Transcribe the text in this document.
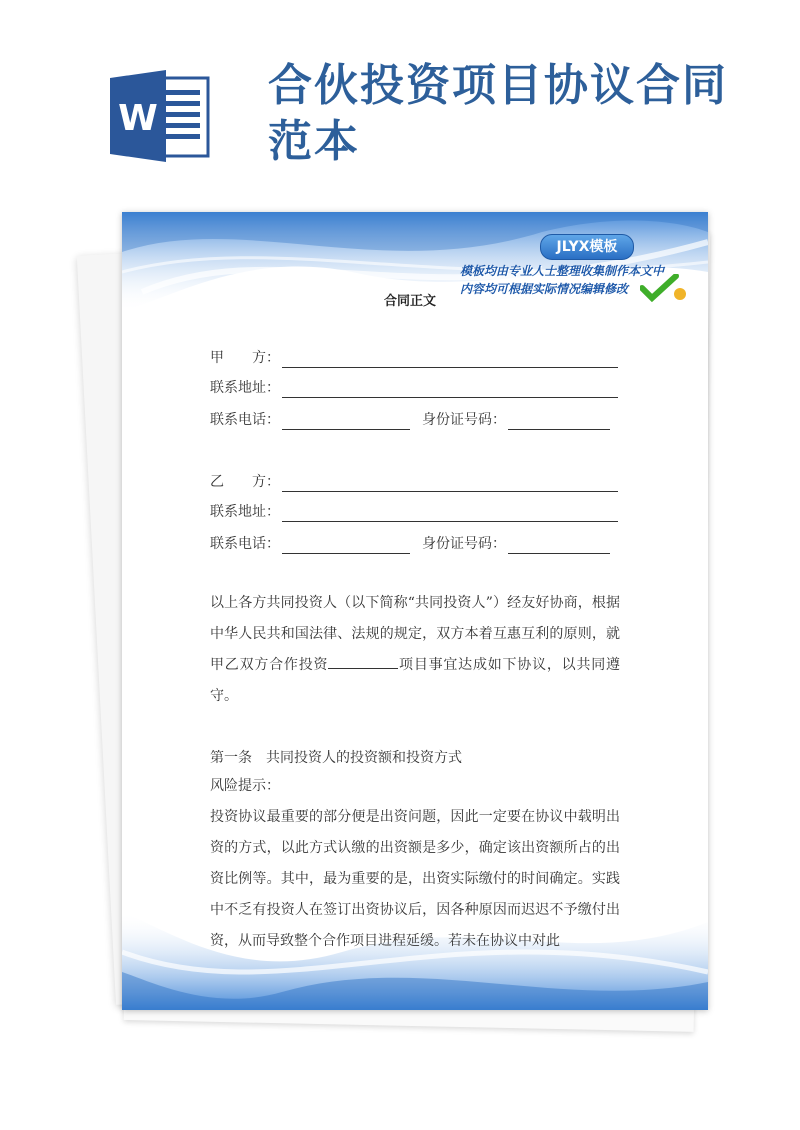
W
合伙投资项目协议合同范本
JLYX模板
模板均由专业人士整理收集制作本文中
内容均可根据实际情况编辑修改
合同正文
甲　　方：
联系地址：
联系电话：	身份证号码：
乙　　方：
联系地址：
联系电话：	身份证号码：
以上各方共同投资人（以下简称“共同投资人”）经友好协商，根据中华人民共和国法律、法规的规定，双方本着互惠互利的原则，就甲乙双方合作投资	项目事宜达成如下协议，以共同遵守。
第一条　共同投资人的投资额和投资方式
风险提示：
投资协议最重要的部分便是出资问题，因此一定要在协议中载明出资的方式，以此方式认缴的出资额是多少，确定该出资额所占的出资比例等。其中，最为重要的是，出资实际缴付的时间确定。实践中不乏有投资人在签订出资协议后，因各种原因而迟迟不予缴付出资，从而导致整个合作项目进程延缓。若未在协议中对此
